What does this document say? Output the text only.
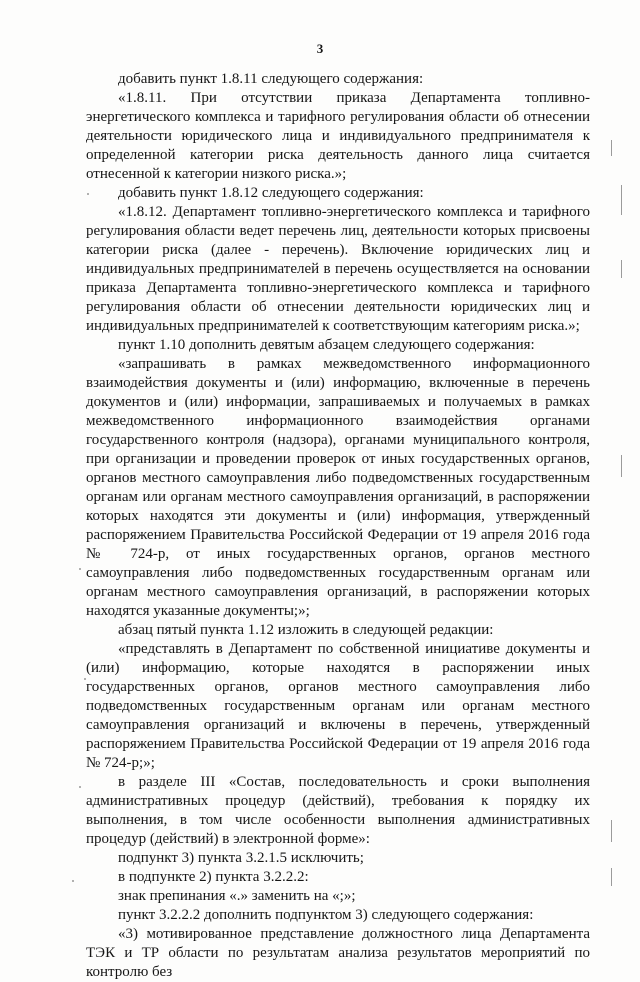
3

добавить пункт 1.8.11 следующего содержания:

«1.8.11. При отсутствии приказа Департамента топливно-энергетического комплекса и тарифного регулирования области об отнесении деятельности юридического лица и индивидуального предпринимателя к определенной категории риска деятельность данного лица считается отнесенной к категории низкого риска.»;

добавить пункт 1.8.12 следующего содержания:

«1.8.12. Департамент топливно-энергетического комплекса и тарифного регулирования области ведет перечень лиц, деятельности которых присвоены категории риска (далее - перечень). Включение юридических лиц и индивидуальных предпринимателей в перечень осуществляется на основании приказа Департамента топливно-энергетического комплекса и тарифного регулирования области об отнесении деятельности юридических лиц и индивидуальных предпринимателей к соответствующим категориям риска.»;

пункт 1.10 дополнить девятым абзацем следующего содержания:

«запрашивать в рамках межведомственного информационного взаимодействия документы и (или) информацию, включенные в перечень документов и (или) информации, запрашиваемых и получаемых в рамках межведомственного информационного взаимодействия органами государственного контроля (надзора), органами муниципального контроля, при организации и проведении проверок от иных государственных органов, органов местного самоуправления либо подведомственных государственным органам или органам местного самоуправления организаций, в распоряжении которых находятся эти документы и (или) информация, утвержденный распоряжением Правительства Российской Федерации от 19 апреля 2016 года № 724-р, от иных государственных органов, органов местного самоуправления либо подведомственных государственным органам или органам местного самоуправления организаций, в распоряжении которых находятся указанные документы;»;

абзац пятый пункта 1.12 изложить в следующей редакции:

«представлять в Департамент по собственной инициативе документы и (или) информацию, которые находятся в распоряжении иных государственных органов, органов местного самоуправления либо подведомственных государственным органам или органам местного самоуправления организаций и включены в перечень, утвержденный распоряжением Правительства Российской Федерации от 19 апреля 2016 года № 724-р;»;

в разделе III «Состав, последовательность и сроки выполнения административных процедур (действий), требования к порядку их выполнения, в том числе особенности выполнения административных процедур (действий) в электронной форме»:

подпункт 3) пункта 3.2.1.5 исключить;

в подпункте 2) пункта 3.2.2.2:

знак препинания «.» заменить на «;»;

пункт 3.2.2.2 дополнить подпунктом 3) следующего содержания:

«3) мотивированное представление должностного лица Департамента ТЭК и ТР области по результатам анализа результатов мероприятий по контролю без
